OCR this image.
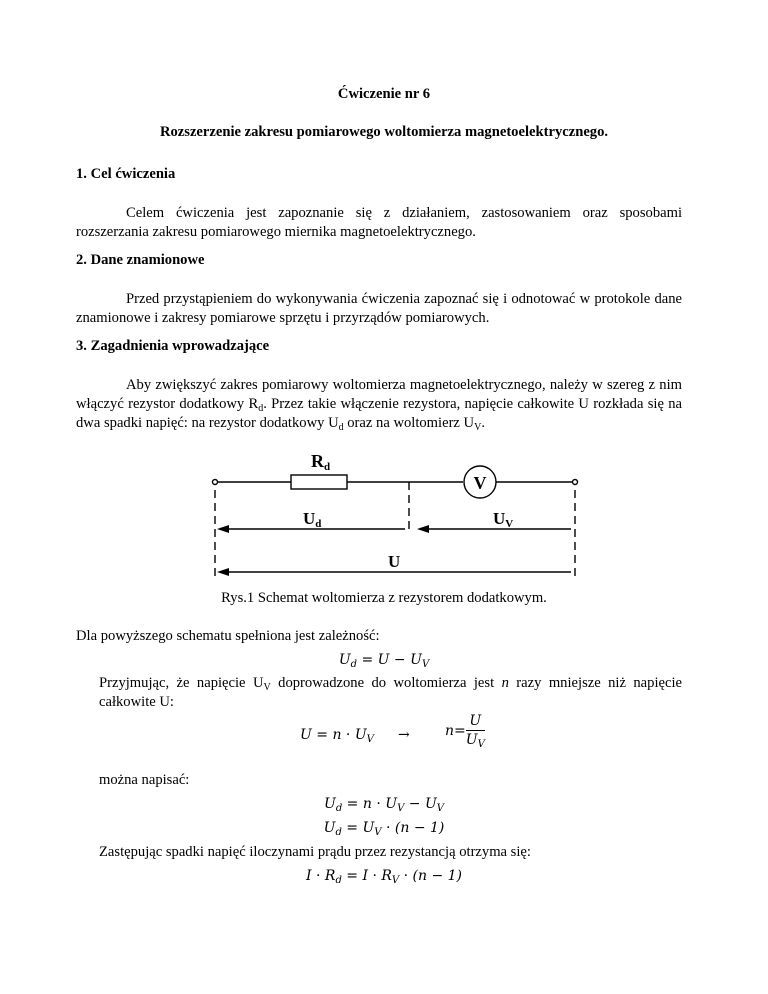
Ćwiczenie nr 6
Rozszerzenie zakresu pomiarowego woltomierza magnetoelektrycznego.
1. Cel ćwiczenia
Celem ćwiczenia jest zapoznanie się z działaniem, zastosowaniem oraz sposobami rozszerzania zakresu pomiarowego miernika magnetoelektrycznego.
2. Dane znamionowe
Przed przystąpieniem do wykonywania ćwiczenia zapoznać się i odnotować w protokole dane znamionowe i zakresy pomiarowe sprzętu i przyrządów pomiarowych.
3. Zagadnienia wprowadzające
Aby zwiększyć zakres pomiarowy woltomierza magnetoelektrycznego, należy w szereg z nim włączyć rezystor dodatkowy $R_d$. Przez takie włączenie rezystora, napięcie całkowite U rozkłada się na dwa spadki napięć: na rezystor dodatkowy $U_d$ oraz na woltomierz $U_V$.
Rd
V
Ud	UV
U
Rys.1 Schemat woltomierza z rezystorem dodatkowym.
Dla powyższego schematu spełniona jest zależność:
$U_d = U - U_V$
Przyjmując, że napięcie $U_V$ doprowadzone do woltomierza jest n razy mniejsze niż napięcie całkowite U:
$U = n \cdot U_V$ →	$n= \frac{U}{U_V}$
można napisać:
$U_d = n \cdot U_V - U_V$
$U_d = U_V \cdot (n - 1)$
Zastępując spadki napięć iloczynami prądu przez rezystancją otrzyma się:
$I \cdot R_d = I \cdot R_V \cdot (n - 1)$
